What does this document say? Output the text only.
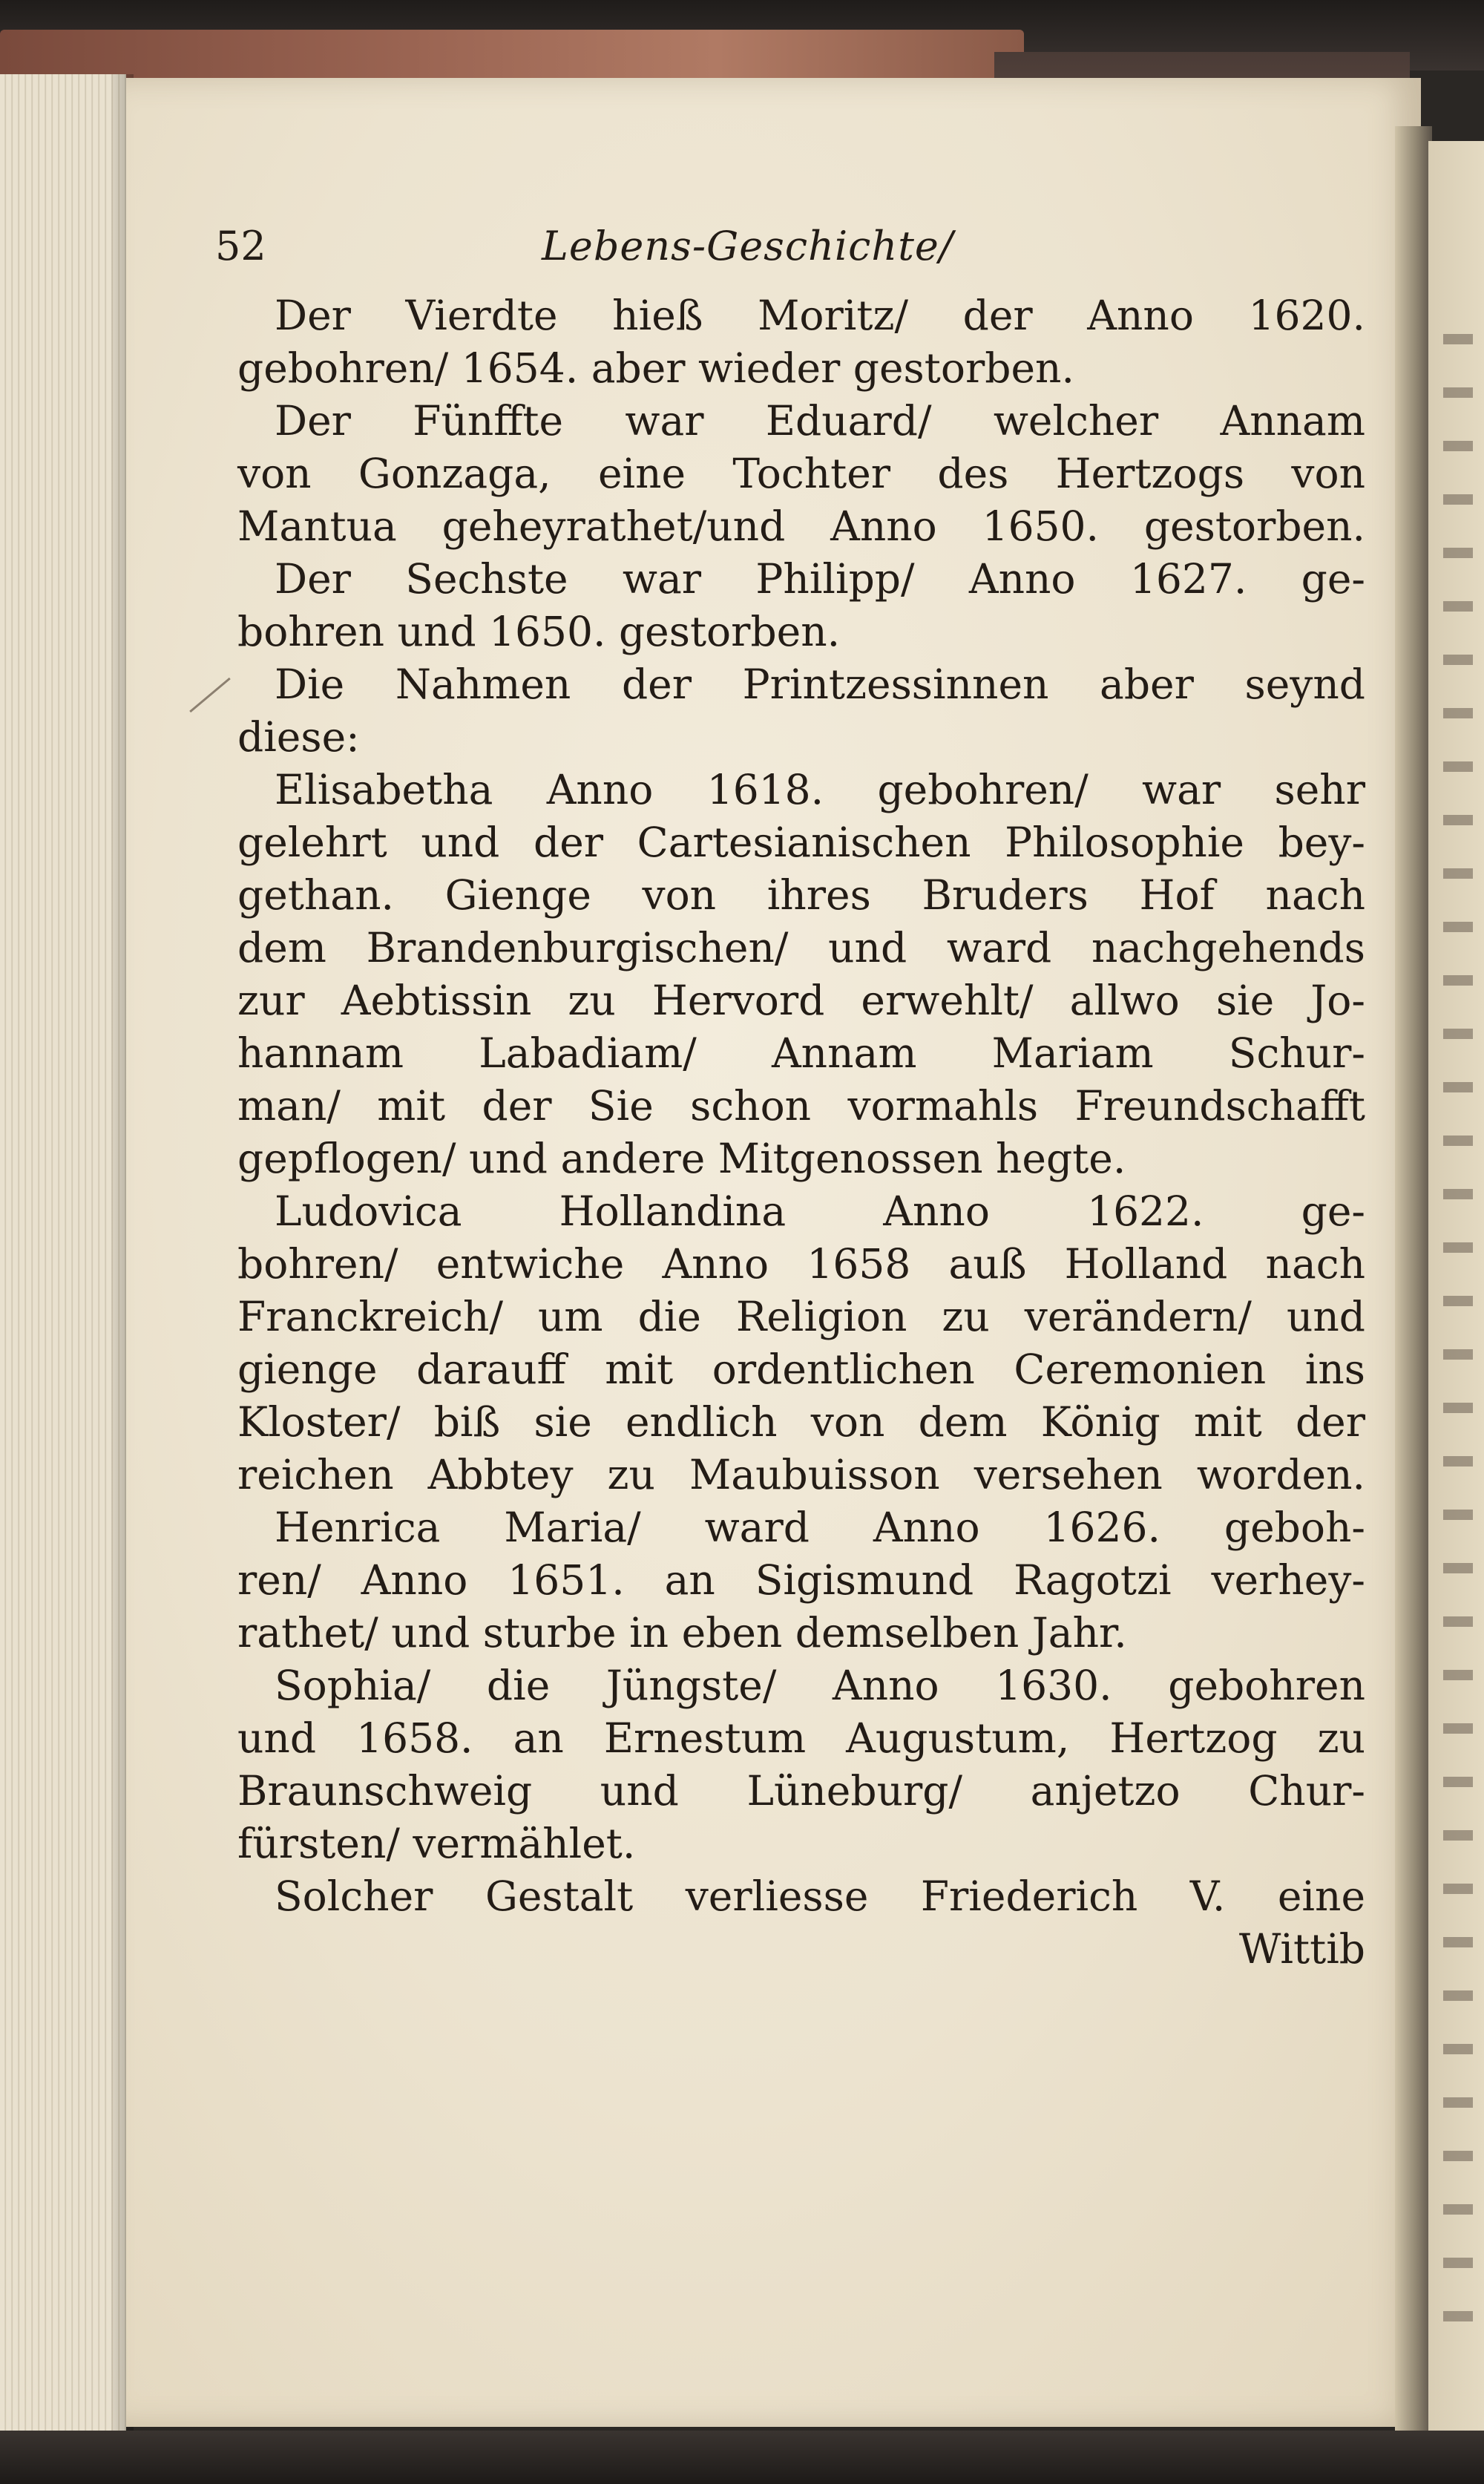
52	Lebens-Geschichte/
Der Vierdte hieß Moritz/ der Anno 1620.
gebohren/ 1654. aber wieder gestorben.
Der Fünffte war Eduard/ welcher Annam
von Gonzaga, eine Tochter des Hertzogs von
Mantua geheyrathet/und Anno 1650. gestorben.
Der Sechste war Philipp/ Anno 1627. ge-
bohren und 1650. gestorben.
Die Nahmen der Printzessinnen aber seynd
diese:
Elisabetha Anno 1618. gebohren/ war sehr
gelehrt und der Cartesianischen Philosophie bey-
gethan. Gienge von ihres Bruders Hof nach
dem Brandenburgischen/ und ward nachgehends
zur Aebtissin zu Hervord erwehlt/ allwo sie Jo-
hannam Labadiam/ Annam Mariam Schur-
man/ mit der Sie schon vormahls Freundschafft
gepflogen/ und andere Mitgenossen hegte.
Ludovica Hollandina Anno 1622. ge-
bohren/ entwiche Anno 1658 auß Holland nach
Franckreich/ um die Religion zu verändern/ und
gienge darauff mit ordentlichen Ceremonien ins
Kloster/ biß sie endlich von dem König mit der
reichen Abbtey zu Maubuisson versehen worden.
Henrica Maria/ ward Anno 1626. geboh-
ren/ Anno 1651. an Sigismund Ragotzi verhey-
rathet/ und sturbe in eben demselben Jahr.
Sophia/ die Jüngste/ Anno 1630. gebohren
und 1658. an Ernestum Augustum, Hertzog zu
Braunschweig und Lüneburg/ anjetzo Chur-
fürsten/ vermählet.
Solcher Gestalt verliesse Friederich V. eine
Wittib
